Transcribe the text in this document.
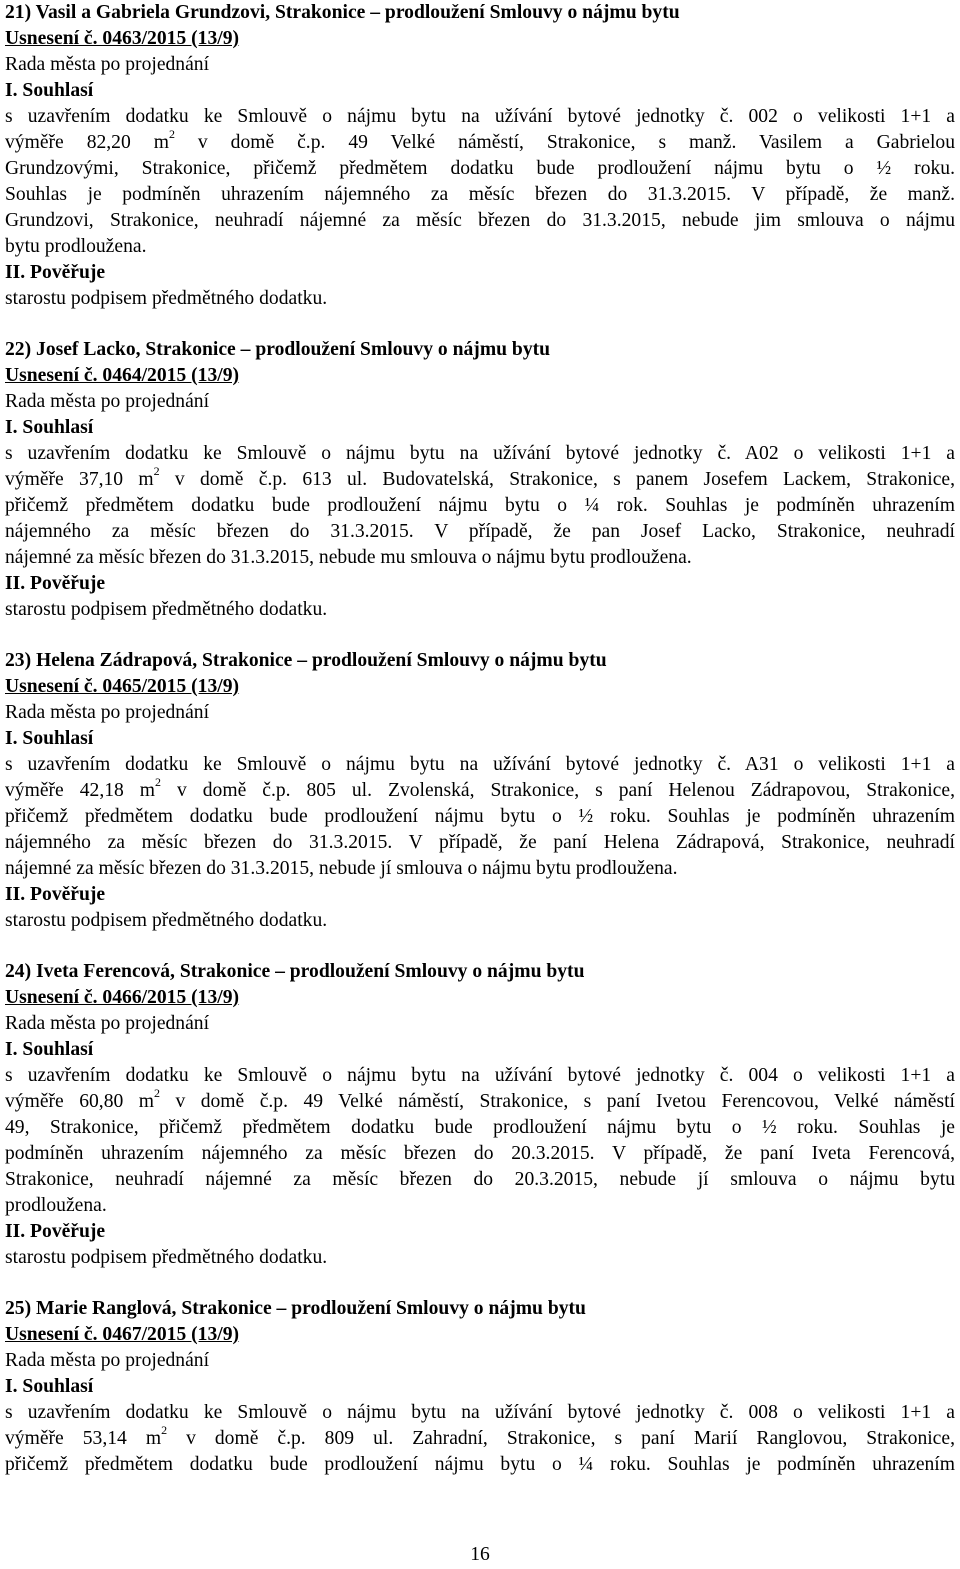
21) Vasil a Gabriela Grundzovi, Strakonice – prodloužení Smlouvy o nájmu bytu
Usnesení č. 0463/2015 (13/9)
Rada města po projednání
I. Souhlasí
s uzavřením dodatku ke Smlouvě o nájmu bytu na užívání bytové jednotky č. 002 o velikosti 1+1 a
výměře 82,20 $m^2$ v domě č.p. 49 Velké náměstí, Strakonice, s manž. Vasilem a Gabrielou
Grundzovými, Strakonice, přičemž předmětem dodatku bude prodloužení nájmu bytu o ½ roku.
Souhlas je podmíněn uhrazením nájemného za měsíc březen do 31.3.2015. V případě, že manž.
Grundzovi, Strakonice, neuhradí nájemné za měsíc březen do 31.3.2015, nebude jim smlouva o nájmu
bytu prodloužena.
II. Pověřuje
starostu podpisem předmětného dodatku.
22) Josef Lacko, Strakonice – prodloužení Smlouvy o nájmu bytu
Usnesení č. 0464/2015 (13/9)
Rada města po projednání
I. Souhlasí
s uzavřením dodatku ke Smlouvě o nájmu bytu na užívání bytové jednotky č. A02 o velikosti 1+1 a
výměře 37,10 $m^2$ v domě č.p. 613 ul. Budovatelská, Strakonice, s panem Josefem Lackem, Strakonice,
přičemž předmětem dodatku bude prodloužení nájmu bytu o ¼ rok. Souhlas je podmíněn uhrazením
nájemného za měsíc březen do 31.3.2015. V případě, že pan Josef Lacko, Strakonice, neuhradí
nájemné za měsíc březen do 31.3.2015, nebude mu smlouva o nájmu bytu prodloužena.
II. Pověřuje
starostu podpisem předmětného dodatku.
23) Helena Zádrapová, Strakonice – prodloužení Smlouvy o nájmu bytu
Usnesení č. 0465/2015 (13/9)
Rada města po projednání
I. Souhlasí
s uzavřením dodatku ke Smlouvě o nájmu bytu na užívání bytové jednotky č. A31 o velikosti 1+1 a
výměře 42,18 $m^2$ v domě č.p. 805 ul. Zvolenská, Strakonice, s paní Helenou Zádrapovou, Strakonice,
přičemž předmětem dodatku bude prodloužení nájmu bytu o ½ roku. Souhlas je podmíněn uhrazením
nájemného za měsíc březen do 31.3.2015. V případě, že paní Helena Zádrapová, Strakonice, neuhradí
nájemné za měsíc březen do 31.3.2015, nebude jí smlouva o nájmu bytu prodloužena.
II. Pověřuje
starostu podpisem předmětného dodatku.
24) Iveta Ferencová, Strakonice – prodloužení Smlouvy o nájmu bytu
Usnesení č. 0466/2015 (13/9)
Rada města po projednání
I. Souhlasí
s uzavřením dodatku ke Smlouvě o nájmu bytu na užívání bytové jednotky č. 004 o velikosti 1+1 a
výměře 60,80 $m^2$ v domě č.p. 49 Velké náměstí, Strakonice, s paní Ivetou Ferencovou, Velké náměstí
49, Strakonice, přičemž předmětem dodatku bude prodloužení nájmu bytu o ½ roku. Souhlas je
podmíněn uhrazením nájemného za měsíc březen do 20.3.2015. V případě, že paní Iveta Ferencová,
Strakonice, neuhradí nájemné za měsíc březen do 20.3.2015, nebude jí smlouva o nájmu bytu
prodloužena.
II. Pověřuje
starostu podpisem předmětného dodatku.
25) Marie Ranglová, Strakonice – prodloužení Smlouvy o nájmu bytu
Usnesení č. 0467/2015 (13/9)
Rada města po projednání
I. Souhlasí
s uzavřením dodatku ke Smlouvě o nájmu bytu na užívání bytové jednotky č. 008 o velikosti 1+1 a
výměře 53,14 $m^2$ v domě č.p. 809 ul. Zahradní, Strakonice, s paní Marií Ranglovou, Strakonice,
přičemž předmětem dodatku bude prodloužení nájmu bytu o ¼ roku. Souhlas je podmíněn uhrazením
16
